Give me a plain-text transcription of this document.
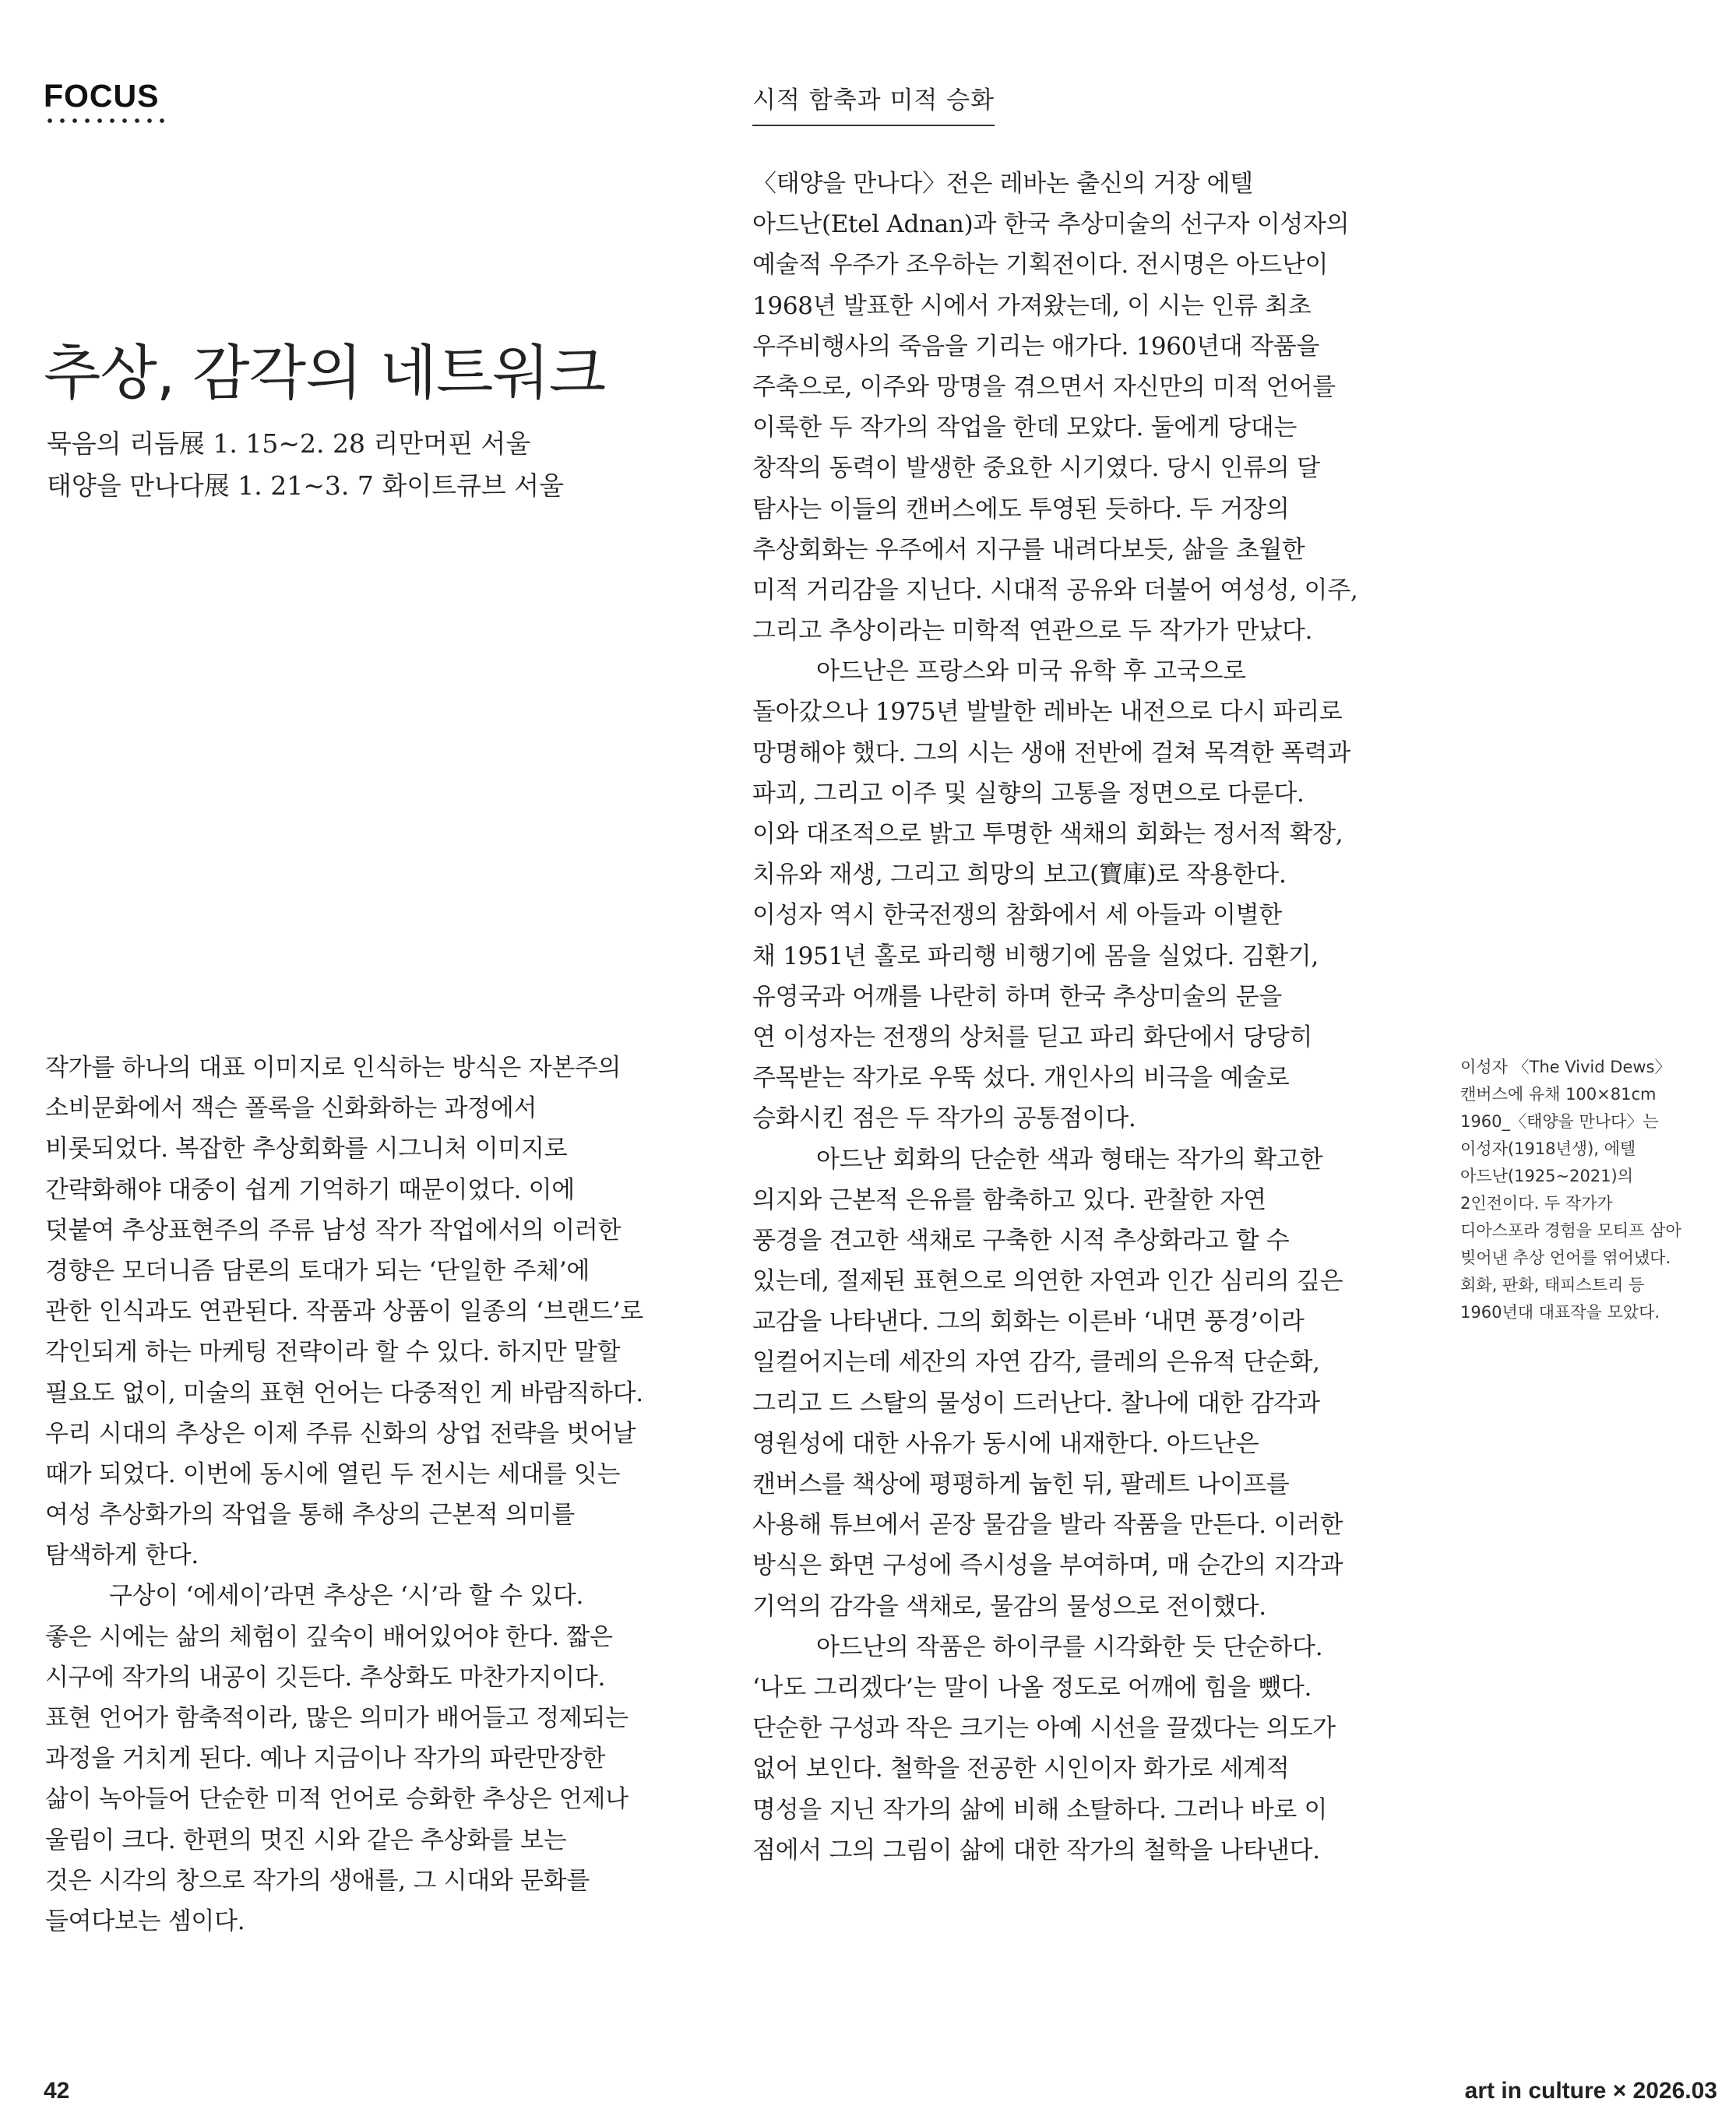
FOCUS	시적 함축과 미적 승화
추상, 감각의 네트워크
묵음의 리듬展 1. 15~2. 28 리만머핀 서울
태양을 만나다展 1. 21~3. 7 화이트큐브 서울
작가를 하나의 대표 이미지로 인식하는 방식은 자본주의
소비문화에서 잭슨 폴록을 신화화하는 과정에서
비롯되었다. 복잡한 추상회화를 시그니처 이미지로
간략화해야 대중이 쉽게 기억하기 때문이었다. 이에
덧붙여 추상표현주의 주류 남성 작가 작업에서의 이러한
경향은 모더니즘 담론의 토대가 되는 ‘단일한 주체’에
관한 인식과도 연관된다. 작품과 상품이 일종의 ‘브랜드’로
각인되게 하는 마케팅 전략이라 할 수 있다. 하지만 말할
필요도 없이, 미술의 표현 언어는 다중적인 게 바람직하다.
우리 시대의 추상은 이제 주류 신화의 상업 전략을 벗어날
때가 되었다. 이번에 동시에 열린 두 전시는 세대를 잇는
여성 추상화가의 작업을 통해 추상의 근본적 의미를
탐색하게 한다.
구상이 ‘에세이’라면 추상은 ‘시’라 할 수 있다.
좋은 시에는 삶의 체험이 깊숙이 배어있어야 한다. 짧은
시구에 작가의 내공이 깃든다. 추상화도 마찬가지이다.
표현 언어가 함축적이라, 많은 의미가 배어들고 정제되는
과정을 거치게 된다. 예나 지금이나 작가의 파란만장한
삶이 녹아들어 단순한 미적 언어로 승화한 추상은 언제나
울림이 크다. 한편의 멋진 시와 같은 추상화를 보는
것은 시각의 창으로 작가의 생애를, 그 시대와 문화를
들여다보는 셈이다.
〈태양을 만나다〉전은 레바논 출신의 거장 에텔
아드난(Etel Adnan)과 한국 추상미술의 선구자 이성자의
예술적 우주가 조우하는 기획전이다. 전시명은 아드난이
1968년 발표한 시에서 가져왔는데, 이 시는 인류 최초
우주비행사의 죽음을 기리는 애가다. 1960년대 작품을
주축으로, 이주와 망명을 겪으면서 자신만의 미적 언어를
이룩한 두 작가의 작업을 한데 모았다. 둘에게 당대는
창작의 동력이 발생한 중요한 시기였다. 당시 인류의 달
탐사는 이들의 캔버스에도 투영된 듯하다. 두 거장의
추상회화는 우주에서 지구를 내려다보듯, 삶을 초월한
미적 거리감을 지닌다. 시대적 공유와 더불어 여성성, 이주,
그리고 추상이라는 미학적 연관으로 두 작가가 만났다.
아드난은 프랑스와 미국 유학 후 고국으로
돌아갔으나 1975년 발발한 레바논 내전으로 다시 파리로
망명해야 했다. 그의 시는 생애 전반에 걸쳐 목격한 폭력과
파괴, 그리고 이주 및 실향의 고통을 정면으로 다룬다.
이와 대조적으로 밝고 투명한 색채의 회화는 정서적 확장,
치유와 재생, 그리고 희망의 보고(寶庫)로 작용한다.
이성자 역시 한국전쟁의 참화에서 세 아들과 이별한
채 1951년 홀로 파리행 비행기에 몸을 실었다. 김환기,
유영국과 어깨를 나란히 하며 한국 추상미술의 문을
연 이성자는 전쟁의 상처를 딛고 파리 화단에서 당당히
주목받는 작가로 우뚝 섰다. 개인사의 비극을 예술로
승화시킨 점은 두 작가의 공통점이다.
아드난 회화의 단순한 색과 형태는 작가의 확고한
의지와 근본적 은유를 함축하고 있다. 관찰한 자연
풍경을 견고한 색채로 구축한 시적 추상화라고 할 수
있는데, 절제된 표현으로 의연한 자연과 인간 심리의 깊은
교감을 나타낸다. 그의 회화는 이른바 ‘내면 풍경’이라
일컬어지는데 세잔의 자연 감각, 클레의 은유적 단순화,
그리고 드 스탈의 물성이 드러난다. 찰나에 대한 감각과
영원성에 대한 사유가 동시에 내재한다. 아드난은
캔버스를 책상에 평평하게 눕힌 뒤, 팔레트 나이프를
사용해 튜브에서 곧장 물감을 발라 작품을 만든다. 이러한
방식은 화면 구성에 즉시성을 부여하며, 매 순간의 지각과
기억의 감각을 색채로, 물감의 물성으로 전이했다.
아드난의 작품은 하이쿠를 시각화한 듯 단순하다.
‘나도 그리겠다’는 말이 나올 정도로 어깨에 힘을 뺐다.
단순한 구성과 작은 크기는 아예 시선을 끌겠다는 의도가
없어 보인다. 철학을 전공한 시인이자 화가로 세계적
명성을 지닌 작가의 삶에 비해 소탈하다. 그러나 바로 이
점에서 그의 그림이 삶에 대한 작가의 철학을 나타낸다.
이성자 〈The Vivid Dews〉
캔버스에 유채 100×81cm
1960_〈태양을 만나다〉는
이성자(1918년생), 에텔
아드난(1925~2021)의
2인전이다. 두 작가가
디아스포라 경험을 모티프 삼아
빚어낸 추상 언어를 엮어냈다.
회화, 판화, 태피스트리 등
1960년대 대표작을 모았다.
42	art in culture × 2026.03
